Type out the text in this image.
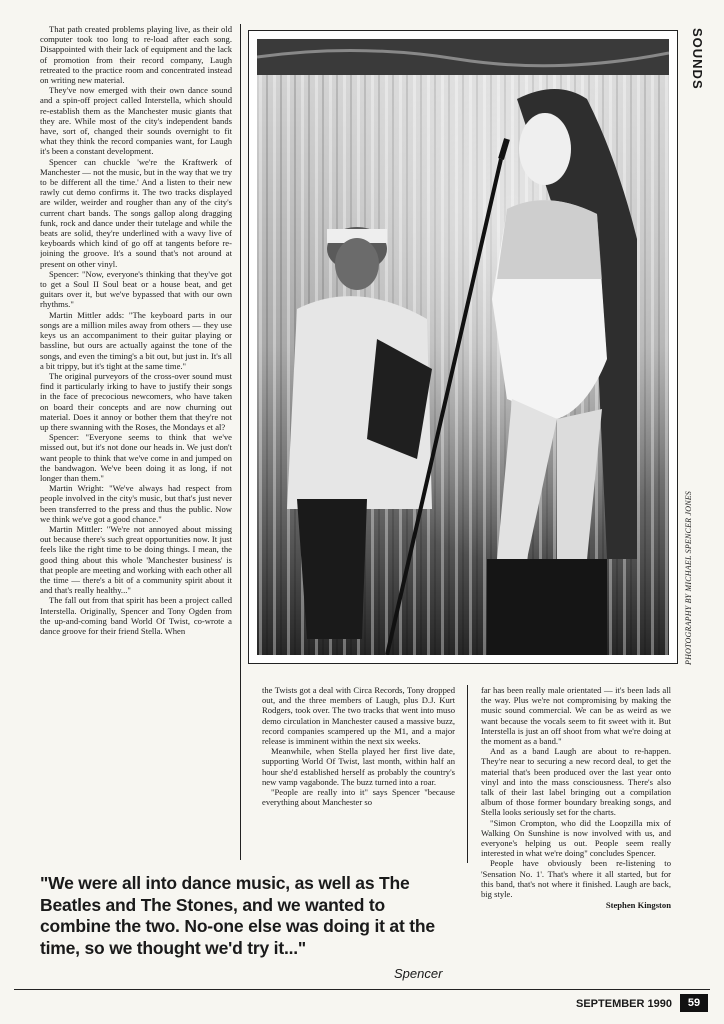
That path created problems playing live, as their old computer took too long to re-load after each song. Disappointed with their lack of equipment and the lack of promotion from their record company, Laugh retreated to the practice room and concentrated instead on writing new material.

They've now emerged with their own dance sound and a spin-off project called Interstella, which should re-establish them as the Manchester music giants that they are. While most of the city's independent bands have, sort of, changed their sounds overnight to fit what they think the record companies want, for Laugh it's been a constant development.

Spencer can chuckle 'we're the Kraftwerk of Manchester — not the music, but in the way that we try to be different all the time.' And a listen to their new rawly cut demo confirms it. The two tracks displayed are wilder, weirder and rougher than any of the city's current chart bands. The songs gallop along dragging funk, rock and dance under their tutelage and while the beats are solid, they're underlined with a wavy live of keyboards which kind of go off at tangents before re-joining the groove. It's a sound that's not around at present on other vinyl.

Spencer: "Now, everyone's thinking that they've got to get a Soul II Soul beat or a house beat, and get guitars over it, but we've bypassed that with our own rhythms."

Martin Mittler adds: "The keyboard parts in our songs are a million miles away from others — they use keys us an accompaniment to their guitar playing or bassline, but ours are actually against the tone of the songs, and even the timing's a bit out, but just in. It's all a bit trippy, but it's tight at the same time."

The original purveyors of the cross-over sound must find it particularly irking to have to justify their songs in the face of precocious newcomers, who have taken on board their concepts and are now churning out material. Does it annoy or bother them that they're not up there swanning with the Roses, the Mondays et al?

Spencer: "Everyone seems to think that we've missed out, but it's not done our heads in. We just don't want people to think that we've come in and jumped on the bandwagon. We've been doing it as long, if not longer than them."

Martin Wright: "We've always had respect from people involved in the city's music, but that's just never been transferred to the press and thus the public. Now we think we've got a good chance."

Martin Mittler: "We're not annoyed about missing out because there's such great opportunities now. It just feels like the right time to be doing things. I mean, the good thing about this whole 'Manchester business' is that people are meeting and working with each other all the time — there's a bit of a community spirit about it and that's really healthy..."

The fall out from that spirit has been a project called Interstella. Originally, Spencer and Tony Ogden from the up-and-coming band World Of Twist, co-wrote a dance groove for their friend Stella. When

SOUNDS
PHOTOGRAPHY BY MICHAEL SPENCER JONES

the Twists got a deal with Circa Records, Tony dropped out, and the three members of Laugh, plus D.J. Kurt Rodgers, took over. The two tracks that went into muso demo circulation in Manchester caused a massive buzz, record companies scampered up the M1, and a major release is imminent within the next six weeks.

Meanwhile, when Stella played her first live date, supporting World Of Twist, last month, within half an hour she'd established herself as probably the country's new vamp vagabonde. The buzz turned into a roar.

"People are really into it" says Spencer "because everything about Manchester so

far has been really male orientated — it's been lads all the way. Plus we're not compromising by making the music sound commercial. We can be as weird as we want because the vocals seem to fit sweet with it. But Interstella is just an off shoot from what we're doing at the moment as a band."

And as a band Laugh are about to re-happen. They're near to securing a new record deal, to get the material that's been produced over the last year onto vinyl and into the mass consciousness. There's also talk of their last label bringing out a compilation album of those former boundary breaking songs, and Stella looks seriously set for the charts.

"Simon Crompton, who did the Loopzilla mix of Walking On Sunshine is now involved with us, and everyone's helping us out. People seem really interested in what we're doing" concludes Spencer.

People have obviously been re-listening to 'Sensation No. 1'. That's where it all started, but for this band, that's not where it finished. Laugh are back, big style.

Stephen Kingston
"We were all into dance music, as well as The Beatles and The Stones, and we wanted to combine the two. No-one else was doing it at the time, so we thought we'd try it..."
Spencer
SEPTEMBER 1990	59
